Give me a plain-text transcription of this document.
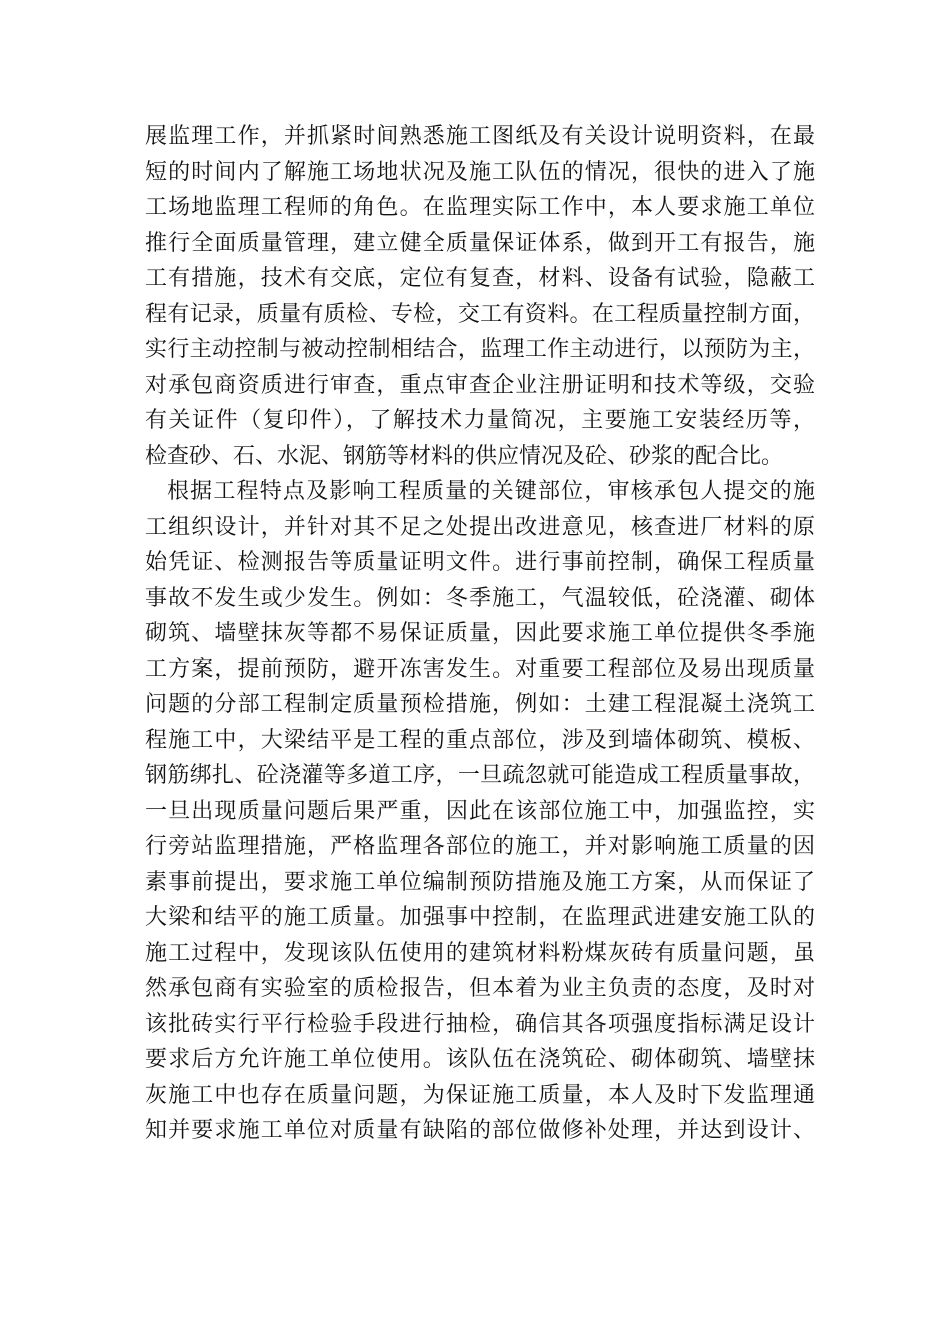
展监理工作，并抓紧时间熟悉施工图纸及有关设计说明资料，在最
短的时间内了解施工场地状况及施工队伍的情况，很快的进入了施
工场地监理工程师的角色。在监理实际工作中，本人要求施工单位
推行全面质量管理，建立健全质量保证体系，做到开工有报告，施
工有措施，技术有交底，定位有复查，材料、设备有试验，隐蔽工
程有记录，质量有质检、专检，交工有资料。在工程质量控制方面，
实行主动控制与被动控制相结合，监理工作主动进行，以预防为主，
对承包商资质进行审查，重点审查企业注册证明和技术等级，交验
有关证件（复印件），了解技术力量简况，主要施工安装经历等，
检查砂、石、水泥、钢筋等材料的供应情况及砼、砂浆的配合比。
根据工程特点及影响工程质量的关键部位，审核承包人提交的施
工组织设计，并针对其不足之处提出改进意见，核查进厂材料的原
始凭证、检测报告等质量证明文件。进行事前控制，确保工程质量
事故不发生或少发生。例如：冬季施工，气温较低，砼浇灌、砌体
砌筑、墙壁抹灰等都不易保证质量，因此要求施工单位提供冬季施
工方案，提前预防，避开冻害发生。对重要工程部位及易出现质量
问题的分部工程制定质量预检措施，例如：土建工程混凝土浇筑工
程施工中，大梁结平是工程的重点部位，涉及到墙体砌筑、模板、
钢筋绑扎、砼浇灌等多道工序，一旦疏忽就可能造成工程质量事故，
一旦出现质量问题后果严重，因此在该部位施工中，加强监控，实
行旁站监理措施，严格监理各部位的施工，并对影响施工质量的因
素事前提出，要求施工单位编制预防措施及施工方案，从而保证了
大梁和结平的施工质量。加强事中控制，在监理武进建安施工队的
施工过程中，发现该队伍使用的建筑材料粉煤灰砖有质量问题，虽
然承包商有实验室的质检报告，但本着为业主负责的态度，及时对
该批砖实行平行检验手段进行抽检，确信其各项强度指标满足设计
要求后方允许施工单位使用。该队伍在浇筑砼、砌体砌筑、墙壁抹
灰施工中也存在质量问题，为保证施工质量，本人及时下发监理通
知并要求施工单位对质量有缺陷的部位做修补处理，并达到设计、
